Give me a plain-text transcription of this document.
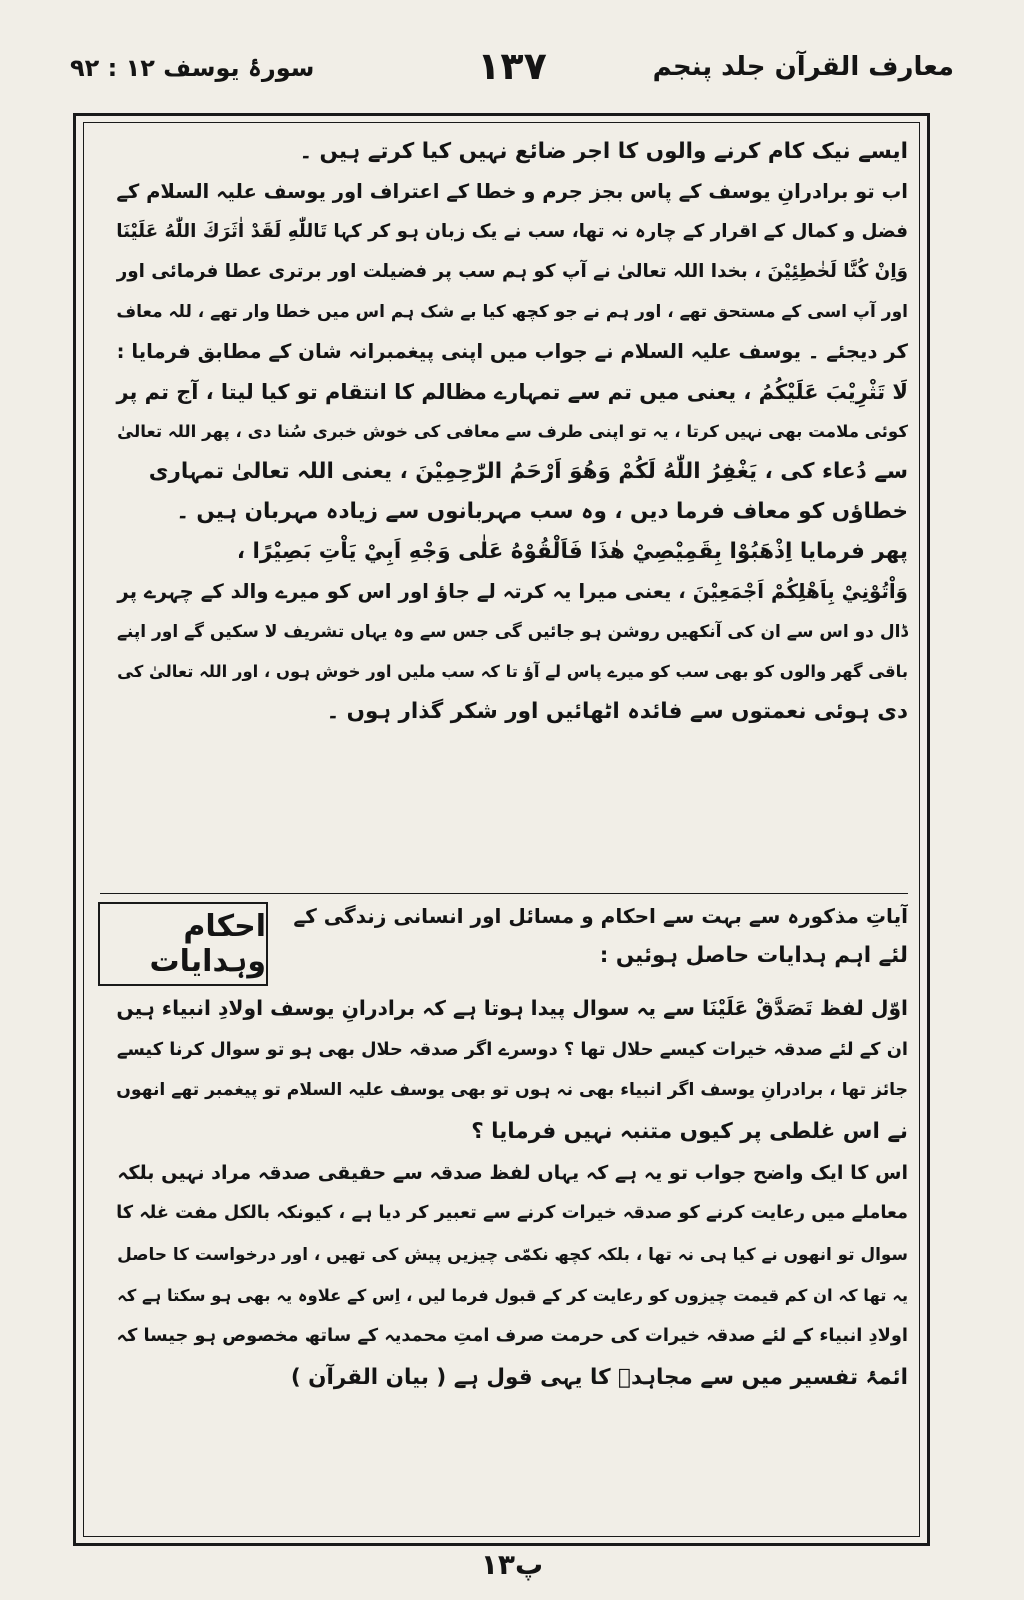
معارف القرآن جلد پنجم
۱۳۷
سورۂ یوسف ۱۲ : ۹۲
ایسے نیک کام کرنے والوں کا اجر ضائع نہیں کیا کرتے ہیں ۔
اب تو برادرانِ یوسف کے پاس بجز جرم و خطا کے اعتراف اور یوسف علیہ السلام کے
فضل و کمال کے اقرار کے چارہ نہ تھا، سب نے یک زبان ہو کر کہا تَاللّٰهِ لَقَدْ اٰثَرَكَ اللّٰهُ عَلَيْنَا
وَاِنْ كُنَّا لَخٰطِئِيْنَ ، بخدا اللہ تعالیٰ نے آپ کو ہم سب پر فضیلت اور برتری عطا فرمائی اور
اور آپ اسی کے مستحق تھے ، اور ہم نے جو کچھ کیا بے شک ہم اس میں خطا وار تھے ، للہ معاف
کر دیجئے ۔ یوسف علیہ السلام نے جواب میں اپنی پیغمبرانہ شان کے مطابق فرمایا :
لَا تَثْرِيْبَ عَلَيْكُمُ ، یعنی میں تم سے تمہارے مظالم کا انتقام تو کیا لیتا ، آج تم پر
کوئی ملامت بھی نہیں کرتا ، یہ تو اپنی طرف سے معافی کی خوش خبری سُنا دی ، پھر اللہ تعالیٰ
سے دُعاء کی ، يَغْفِرُ اللّٰهُ لَكُمْ وَهُوَ اَرْحَمُ الرّٰحِمِيْنَ ، یعنی اللہ تعالیٰ تمہاری
خطاؤں کو معاف فرما دیں ، وہ سب مہربانوں سے زیادہ مہربان ہیں ۔
پھر فرمایا اِذْهَبُوْا بِقَمِيْصِيْ هٰذَا فَاَلْقُوْهُ عَلٰى وَجْهِ اَبِيْ يَاْتِ بَصِيْرًا ،
وَاْتُوْنِيْ بِاَهْلِكُمْ اَجْمَعِيْنَ ، یعنی میرا یہ کرتہ لے جاؤ اور اس کو میرے والد کے چہرے پر
ڈال دو اس سے ان کی آنکھیں روشن ہو جائیں گی جس سے وہ یہاں تشریف لا سکیں گے اور اپنے
باقی گھر والوں کو بھی سب کو میرے پاس لے آؤ تا کہ سب ملیں اور خوش ہوں ، اور اللہ تعالیٰ کی
دی ہوئی نعمتوں سے فائدہ اٹھائیں اور شکر گذار ہوں ۔
احکام وہدایات
آیاتِ مذکورہ سے بہت سے احکام و مسائل اور انسانی زندگی کے
لئے اہم ہدایات حاصل ہوئیں :
اوّل لفظ تَصَدَّقْ عَلَيْنَا سے یہ سوال پیدا ہوتا ہے کہ برادرانِ یوسف اولادِ انبیاء ہیں
ان کے لئے صدقہ خیرات کیسے حلال تھا ؟ دوسرے اگر صدقہ حلال بھی ہو تو سوال کرنا کیسے
جائز تھا ، برادرانِ یوسف اگر انبیاء بھی نہ ہوں تو بھی یوسف علیہ السلام تو پیغمبر تھے انھوں
نے اس غلطی پر کیوں متنبہ نہیں فرمایا ؟
اس کا ایک واضح جواب تو یہ ہے کہ یہاں لفظ صدقہ سے حقیقی صدقہ مراد نہیں بلکہ
معاملے میں رعایت کرنے کو صدقہ خیرات کرنے سے تعبیر کر دیا ہے ، کیونکہ بالکل مفت غلہ کا
سوال تو انھوں نے کیا ہی نہ تھا ، بلکہ کچھ نکمّی چیزیں پیش کی تھیں ، اور درخواست کا حاصل
یہ تھا کہ ان کم قیمت چیزوں کو رعایت کر کے قبول فرما لیں ، اِس کے علاوہ یہ بھی ہو سکتا ہے کہ
اولادِ انبیاء کے لئے صدقہ خیرات کی حرمت صرف امتِ محمدیہ کے ساتھ مخصوص ہو جیسا کہ
ائمۂ تفسیر میں سے مجاہدؒ کا یہی قول ہے ( بیان القرآن )
۱۳پ
